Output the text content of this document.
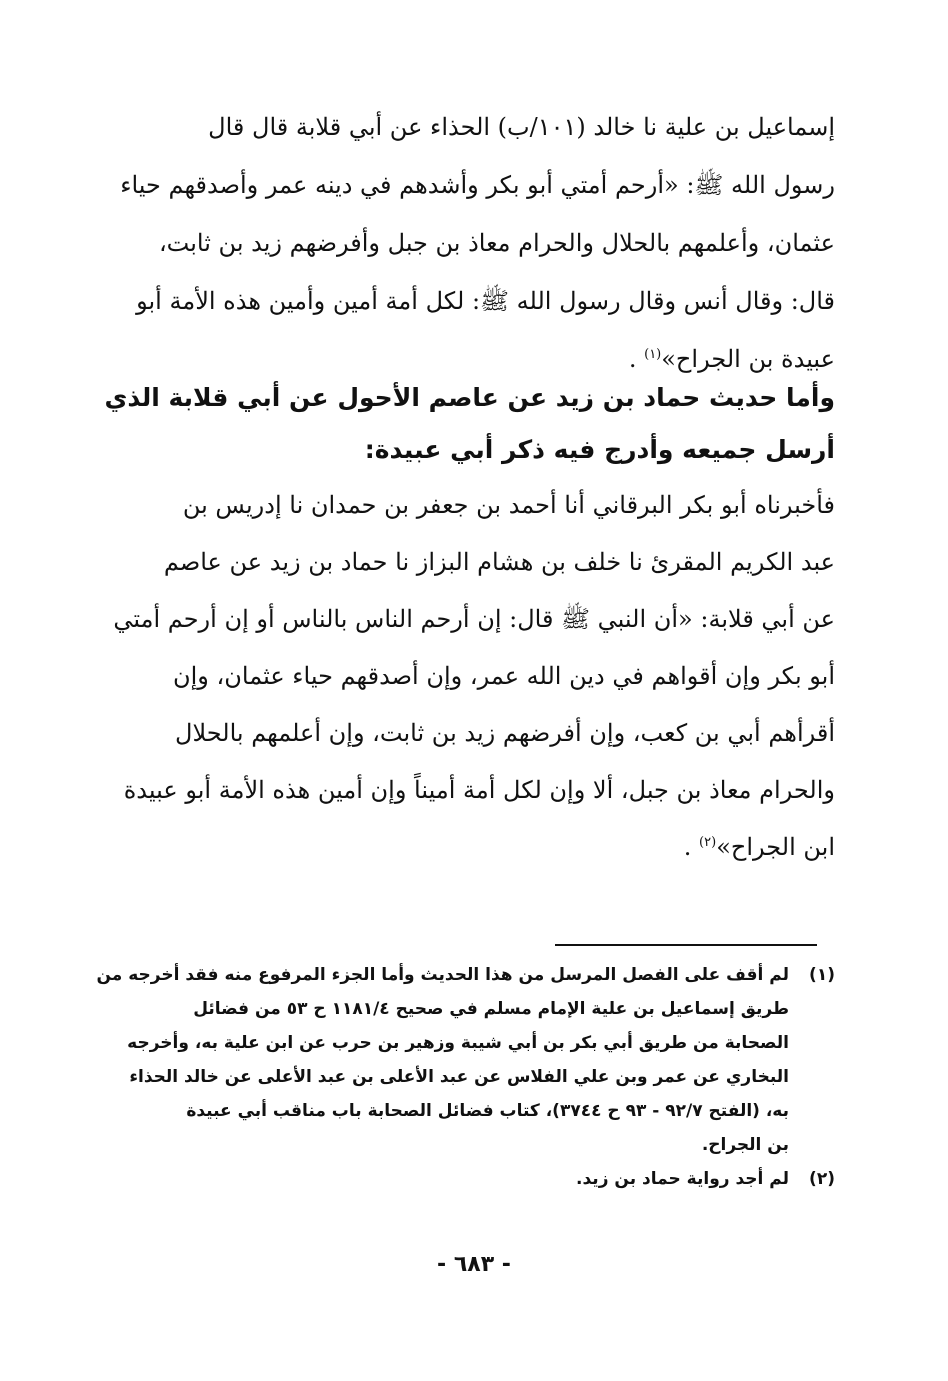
إسماعيل بن علية نا خالد (١٠١/ب) الحذاء عن أبي قلابة قال قال
رسول الله ﷺ: «أرحم أمتي أبو بكر وأشدهم في دينه عمر وأصدقهم حياء
عثمان، وأعلمهم بالحلال والحرام معاذ بن جبل وأفرضهم زيد بن ثابت،
قال: وقال أنس وقال رسول الله ﷺ: لكل أمة أمين وأمين هذه الأمة أبو
عبيدة بن الجراح»$^{(١)}$ .
وأما حديث حماد بن زيد عن عاصم الأحول عن أبي قلابة الذي
أرسل جميعه وأدرج فيه ذكر أبي عبيدة:
فأخبرناه أبو بكر البرقاني أنا أحمد بن جعفر بن حمدان نا إدريس بن
عبد الكريم المقرئ نا خلف بن هشام البزاز نا حماد بن زيد عن عاصم
عن أبي قلابة: «أن النبي ﷺ قال: إن أرحم الناس بالناس أو إن أرحم أمتي
أبو بكر وإن أقواهم في دين الله عمر، وإن أصدقهم حياء عثمان، وإن
أقرأهم أبي بن كعب، وإن أفرضهم زيد بن ثابت، وإن أعلمهم بالحلال
والحرام معاذ بن جبل، ألا وإن لكل أمة أميناً وإن أمين هذه الأمة أبو عبيدة
ابن الجراح»$^{(٢)}$ .
(١)
لم أقف على الفصل المرسل من هذا الحديث وأما الجزء المرفوع منه فقد أخرجه من
طريق إسماعيل بن علية الإمام مسلم في صحيح ١١٨١/٤ ح ٥٣ من فضائل
الصحابة من طريق أبي بكر بن أبي شيبة وزهير بن حرب عن ابن علية به، وأخرجه
البخاري عن عمر وبن علي الفلاس عن عبد الأعلى بن عبد الأعلى عن خالد الحذاء
به، (الفتح ٩٢/٧ - ٩٣ ح ٣٧٤٤)، كتاب فضائل الصحابة باب مناقب أبي عبيدة
بن الجراح.
(٢)
لم أجد رواية حماد بن زيد.
- ٦٨٣ -
